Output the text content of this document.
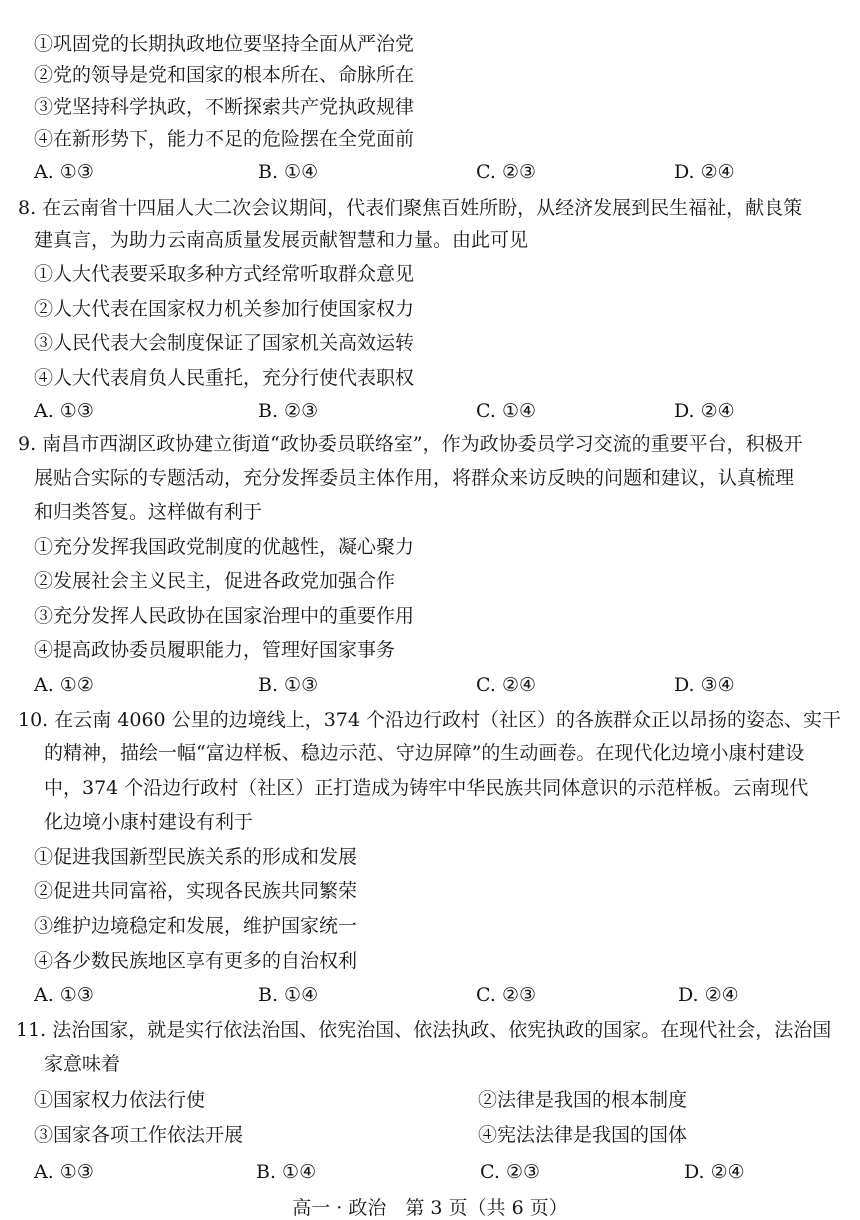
①巩固党的长期执政地位要坚持全面从严治党
②党的领导是党和国家的根本所在、命脉所在
③党坚持科学执政，不断探索共产党执政规律
④在新形势下，能力不足的危险摆在全党面前
A. ①③	B. ①④	C. ②③	D. ②④
8. 在云南省十四届人大二次会议期间，代表们聚焦百姓所盼，从经济发展到民生福祉，献良策
建真言，为助力云南高质量发展贡献智慧和力量。由此可见
①人大代表要采取多种方式经常听取群众意见
②人大代表在国家权力机关参加行使国家权力
③人民代表大会制度保证了国家机关高效运转
④人大代表肩负人民重托，充分行使代表职权
A. ①③	B. ②③	C. ①④	D. ②④
9. 南昌市西湖区政协建立街道“政协委员联络室”，作为政协委员学习交流的重要平台，积极开
展贴合实际的专题活动，充分发挥委员主体作用，将群众来访反映的问题和建议，认真梳理
和归类答复。这样做有利于
①充分发挥我国政党制度的优越性，凝心聚力
②发展社会主义民主，促进各政党加强合作
③充分发挥人民政协在国家治理中的重要作用
④提高政协委员履职能力，管理好国家事务
A. ①②	B. ①③	C. ②④	D. ③④
10. 在云南 4060 公里的边境线上，374 个沿边行政村（社区）的各族群众正以昂扬的姿态、实干
的精神，描绘一幅“富边样板、稳边示范、守边屏障”的生动画卷。在现代化边境小康村建设
中，374 个沿边行政村（社区）正打造成为铸牢中华民族共同体意识的示范样板。云南现代
化边境小康村建设有利于
①促进我国新型民族关系的形成和发展
②促进共同富裕，实现各民族共同繁荣
③维护边境稳定和发展，维护国家统一
④各少数民族地区享有更多的自治权利
A. ①③	B. ①④	C. ②③	D. ②④
11. 法治国家，就是实行依法治国、依宪治国、依法执政、依宪执政的国家。在现代社会，法治国
家意味着
①国家权力依法行使	②法律是我国的根本制度
③国家各项工作依法开展	④宪法法律是我国的国体
A. ①③	B. ①④	C. ②③	D. ②④
高一 · 政治　第 3 页（共 6 页）
